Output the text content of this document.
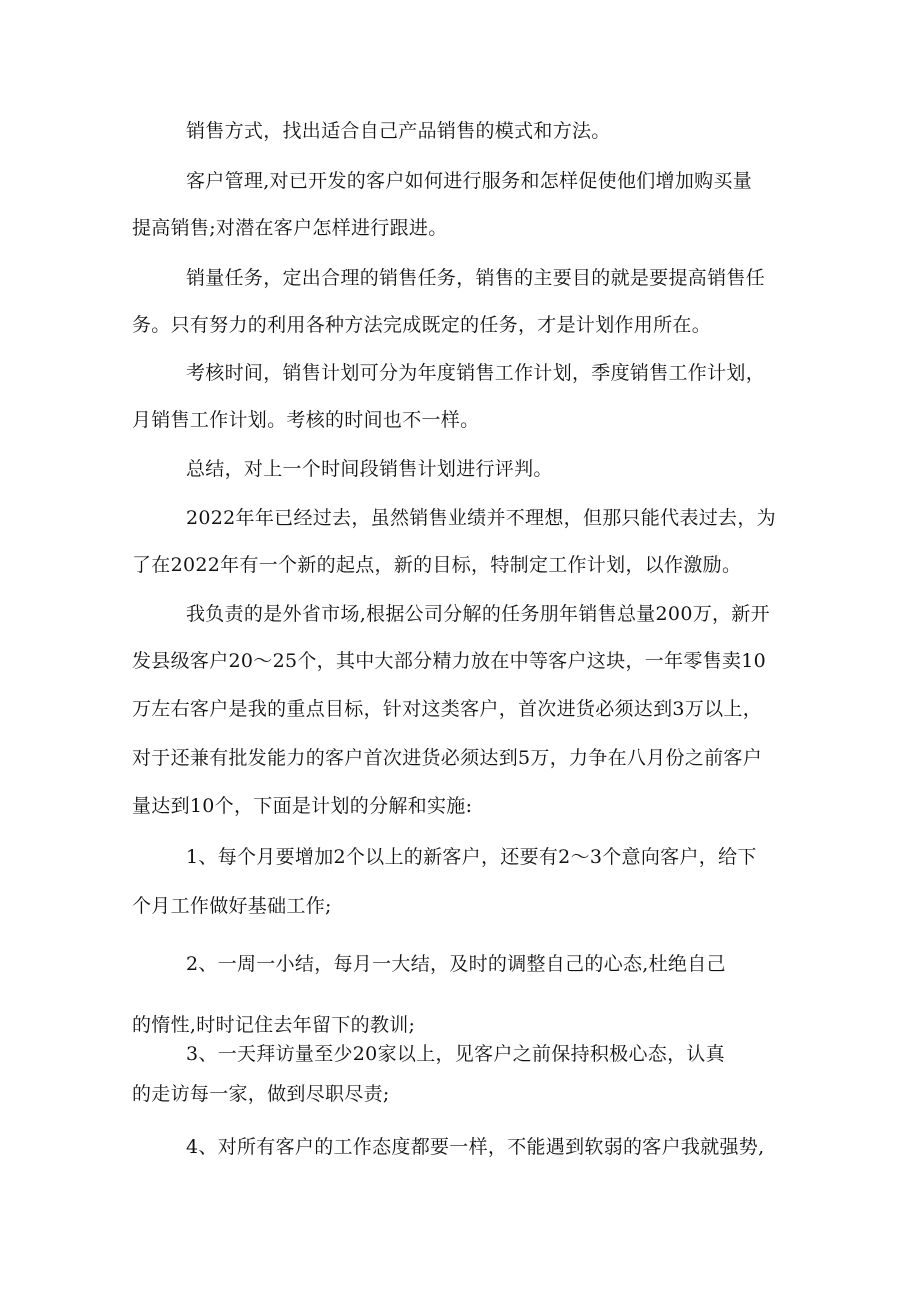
销售方式，找出适合自己产品销售的模式和方法。
客户管理,对已开发的客户如何进行服务和怎样促使他们增加购买量
提高销售;对潜在客户怎样进行跟进。
销量任务，定出合理的销售任务，销售的主要目的就是要提高销售任
务。只有努力的利用各种方法完成既定的任务，才是计划作用所在。
考核时间，销售计划可分为年度销售工作计划，季度销售工作计划，
月销售工作计划。考核的时间也不一样。
总结，对上一个时间段销售计划进行评判。
2022年年已经过去，虽然销售业绩并不理想，但那只能代表过去，为
了在2022年有一个新的起点，新的目标，特制定工作计划，以作激励。
我负责的是外省市场,根据公司分解的任务朋年销售总量200万，新开
发县级客户20～25个，其中大部分精力放在中等客户这块，一年零售卖10
万左右客户是我的重点目标，针对这类客户，首次进货必须达到3万以上，
对于还兼有批发能力的客户首次进货必须达到5万，力争在八月份之前客户
量达到10个，下面是计划的分解和实施:
1、每个月要增加2个以上的新客户，还要有2～3个意向客户，给下
个月工作做好基础工作;
2、一周一小结，每月一大结，及时的调整自己的心态,杜绝自己
的惰性,时时记住去年留下的教训;
3、一天拜访量至少20家以上，见客户之前保持积极心态，认真
的走访每一家，做到尽职尽责;
4、对所有客户的工作态度都要一样，不能遇到软弱的客户我就强势,
